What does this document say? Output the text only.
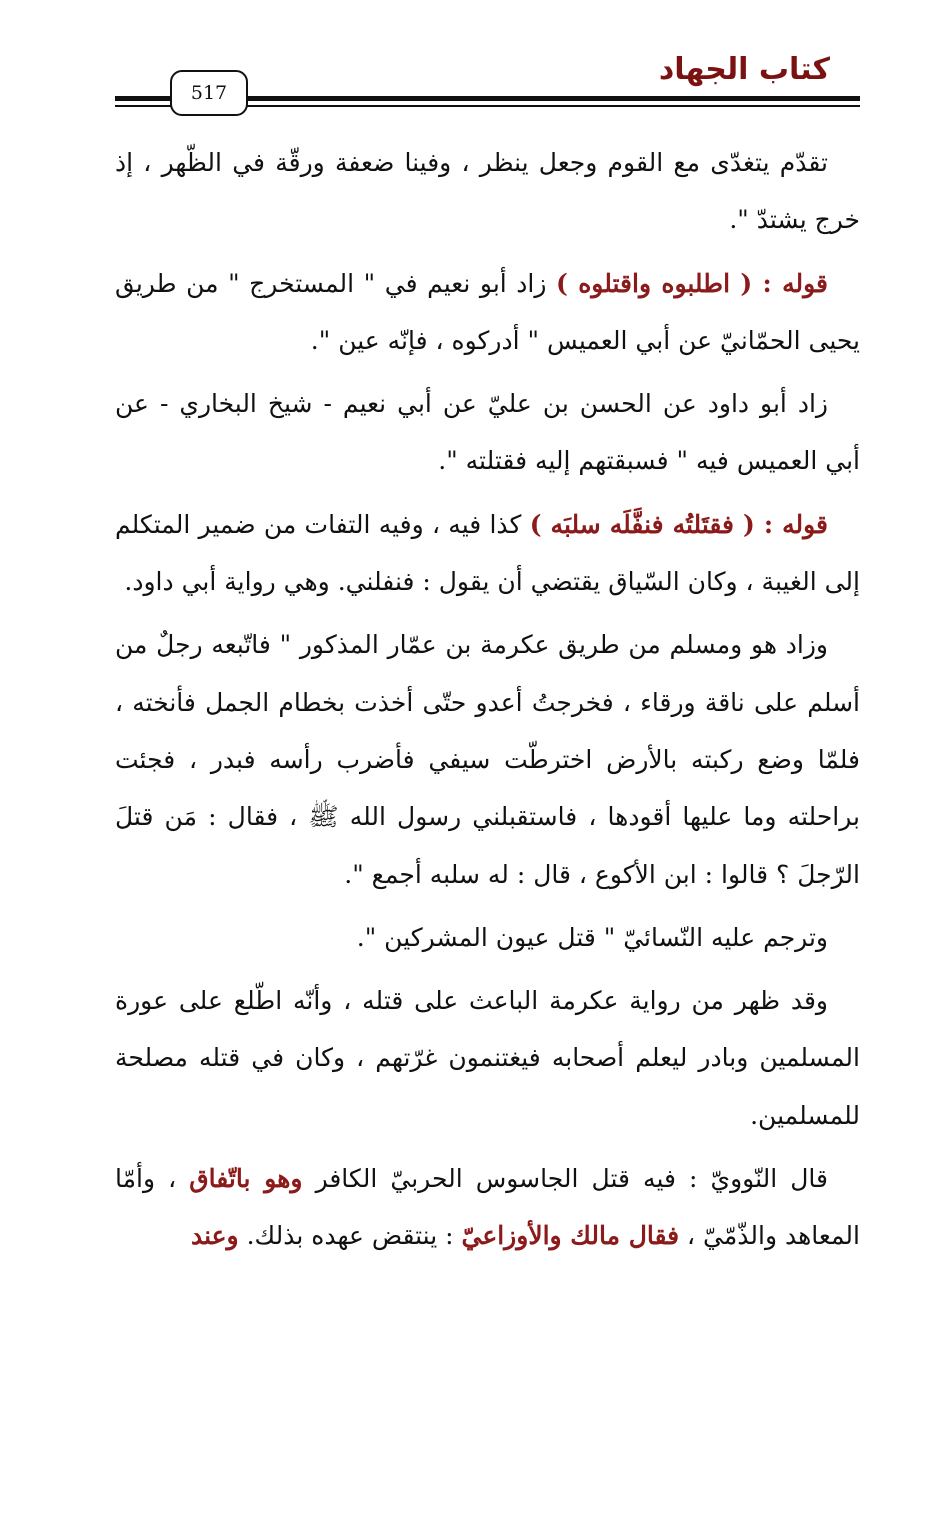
كتاب الجهاد
517

تقدّم يتغدّى مع القوم وجعل ينظر ، وفينا ضعفة ورقّة في الظّهر ، إذ خرج يشتدّ ".

قوله : ( اطلبوه واقتلوه ) زاد أبو نعيم في " المستخرج " من طريق يحيى الحمّانيّ عن أبي العميس " أدركوه ، فإنّه عين ".

زاد أبو داود عن الحسن بن عليّ عن أبي نعيم - شيخ البخاري - عن أبي العميس فيه " فسبقتهم إليه فقتلته ".

قوله : ( فقتَلتُه فنفَّلَه سلبَه ) كذا فيه ، وفيه التفات من ضمير المتكلم إلى الغيبة ، وكان السّياق يقتضي أن يقول : فنفلني. وهي رواية أبي داود.

وزاد هو ومسلم من طريق عكرمة بن عمّار المذكور " فاتّبعه رجلٌ من أسلم على ناقة ورقاء ، فخرجتُ أعدو حتّى أخذت بخطام الجمل فأنخته ، فلمّا وضع ركبته بالأرض اخترطّت سيفي فأضرب رأسه فبدر ، فجئت براحلته وما عليها أقودها ، فاستقبلني رسول الله ﷺ ، فقال : مَن قتلَ الرّجلَ ؟ قالوا : ابن الأكوع ، قال : له سلبه أجمع ".

وترجم عليه النّسائيّ " قتل عيون المشركين ".

وقد ظهر من رواية عكرمة الباعث على قتله ، وأنّه اطّلع على عورة المسلمين وبادر ليعلم أصحابه فيغتنمون غرّتهم ، وكان في قتله مصلحة للمسلمين.

قال النّوويّ : فيه قتل الجاسوس الحربيّ الكافر وهو باتّفاق ، وأمّا المعاهد والذّمّيّ ، فقال مالك والأوزاعيّ : ينتقض عهده بذلك. وعند
